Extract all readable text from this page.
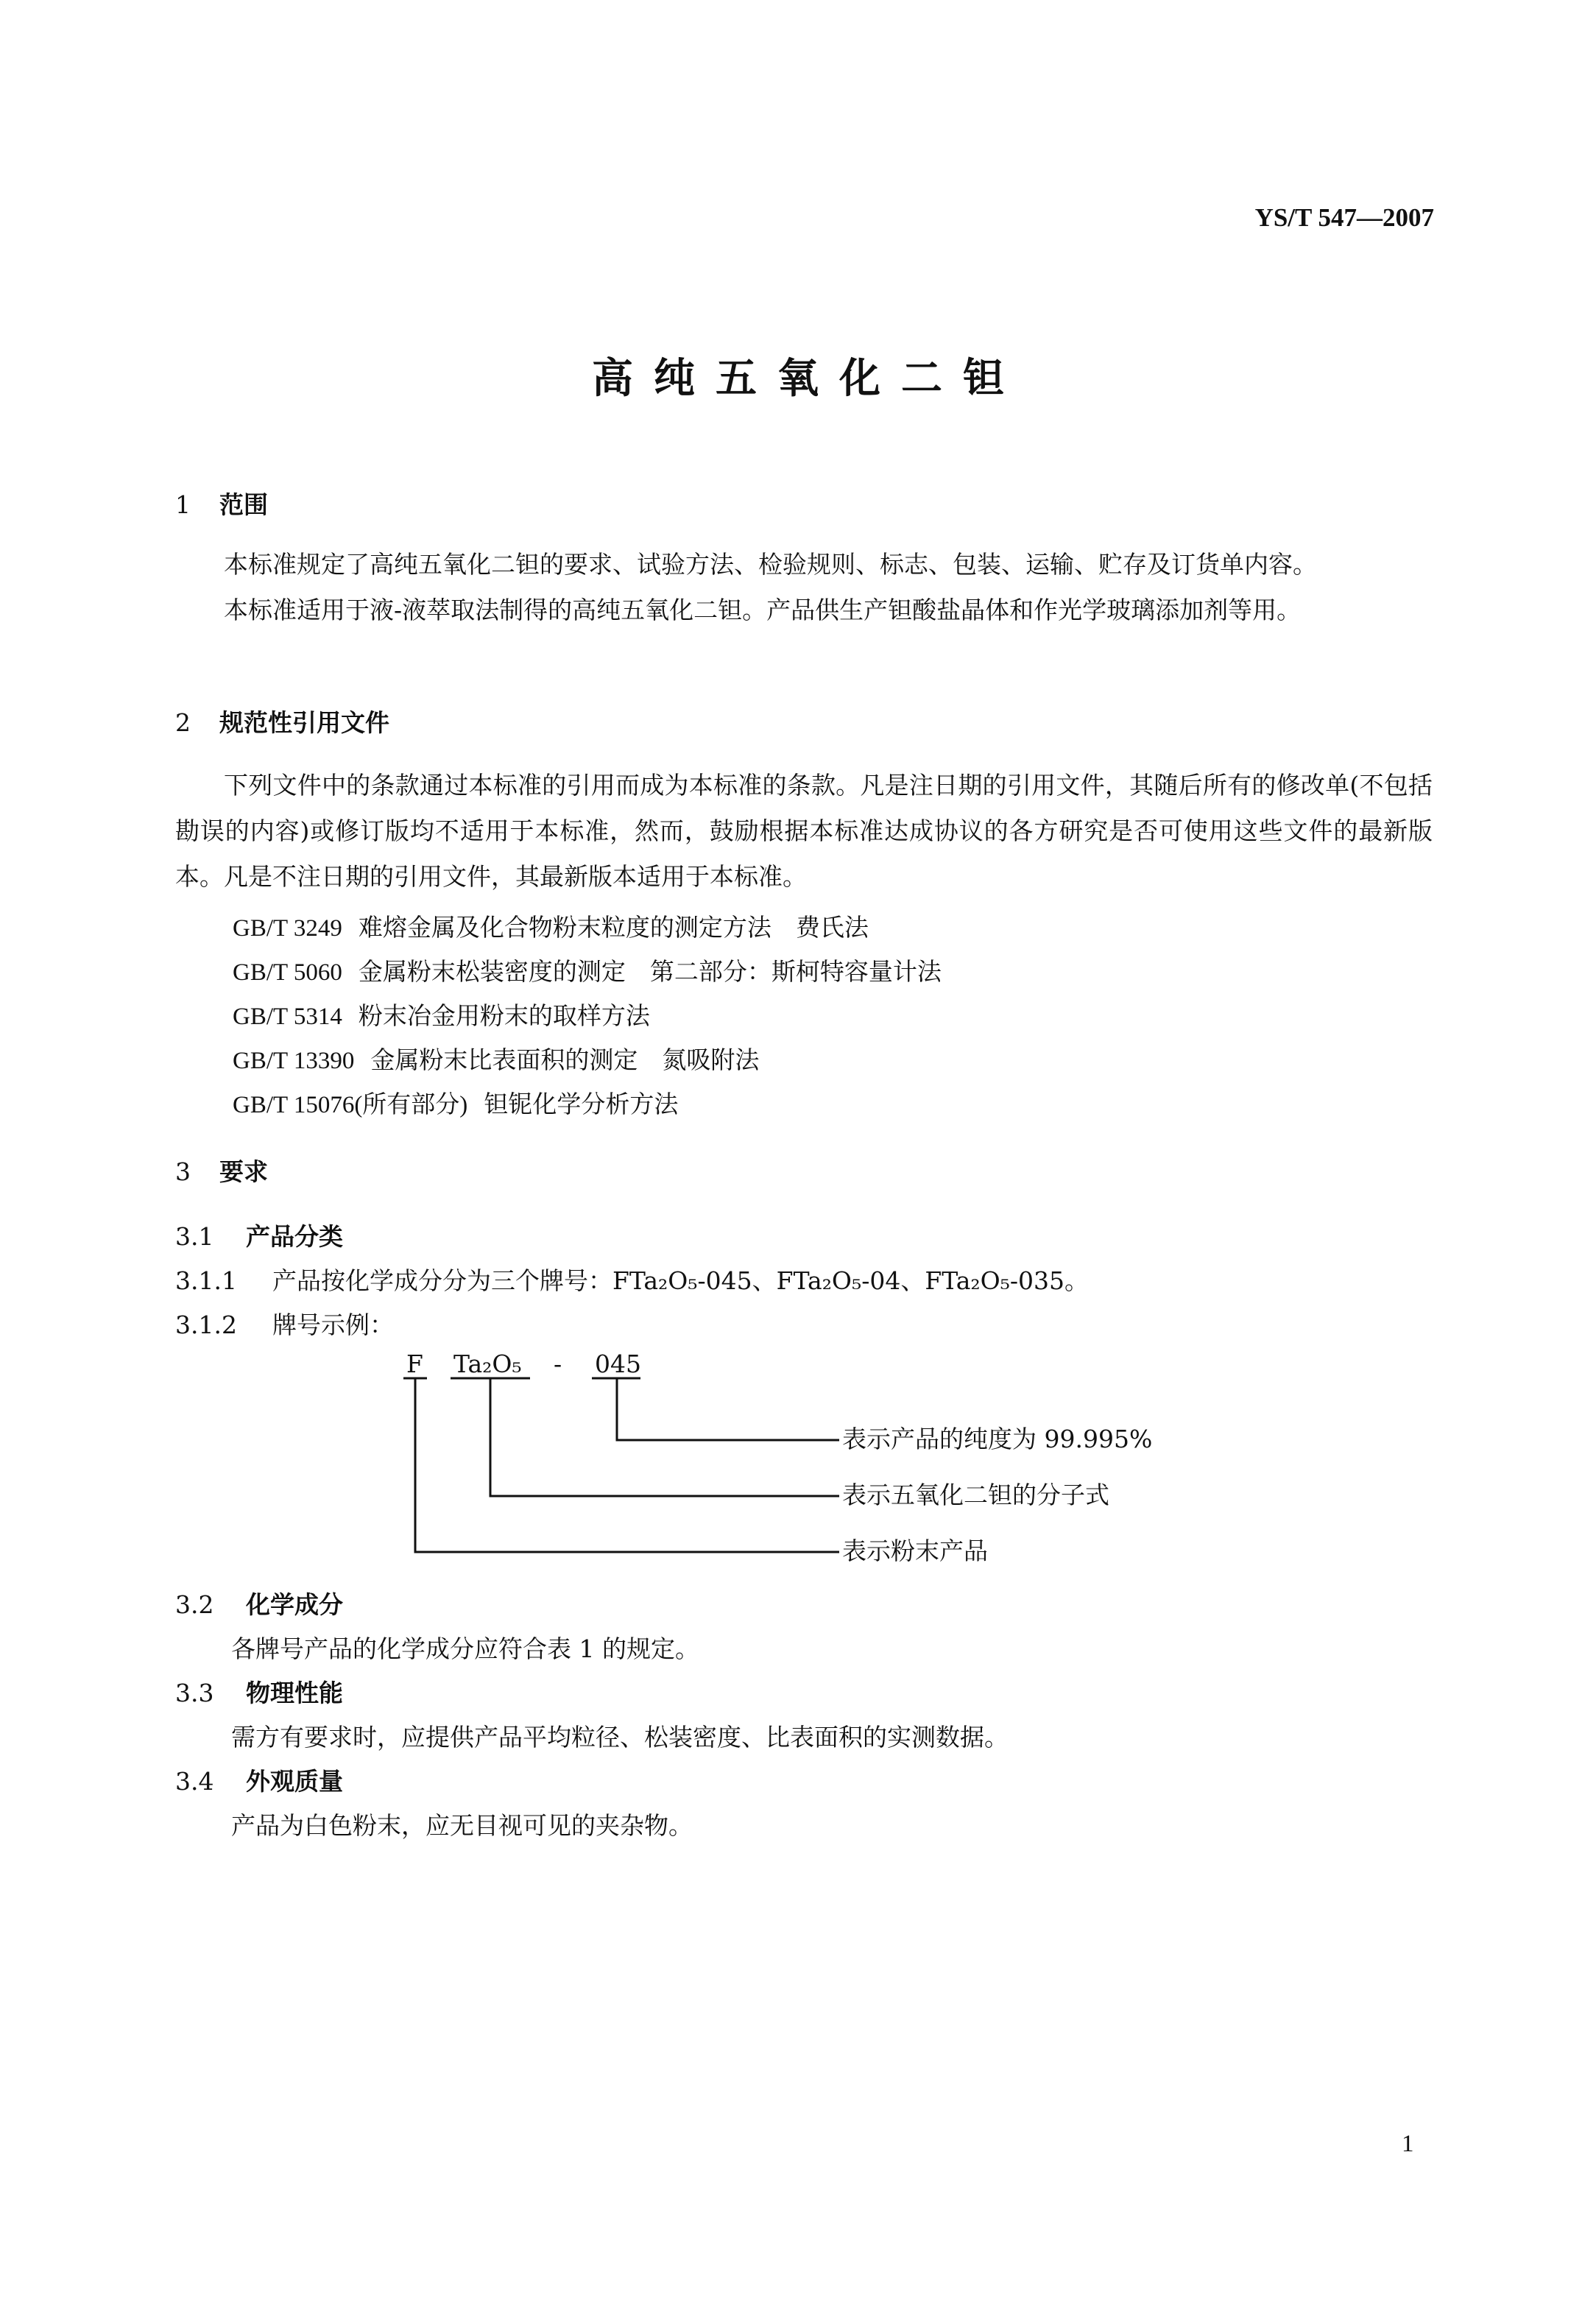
YS/T 547—2007
高纯五氧化二钽
1 范围

本标准规定了高纯五氧化二钽的要求、试验方法、检验规则、标志、包装、运输、贮存及订货单内容。

本标准适用于液-液萃取法制得的高纯五氧化二钽。产品供生产钽酸盐晶体和作光学玻璃添加剂等用。

2 规范性引用文件

下列文件中的条款通过本标准的引用而成为本标准的条款。凡是注日期的引用文件，其随后所有的修改单(不包括勘误的内容)或修订版均不适用于本标准，然而，鼓励根据本标准达成协议的各方研究是否可使用这些文件的最新版本。凡是不注日期的引用文件，其最新版本适用于本标准。

GB/T 3249 难熔金属及化合物粉末粒度的测定方法　费氏法
GB/T 5060 金属粉末松装密度的测定　第二部分：斯柯特容量计法
GB/T 5314 粉末冶金用粉末的取样方法
GB/T 13390 金属粉末比表面积的测定　氮吸附法
GB/T 15076(所有部分) 钽铌化学分析方法
3 要求
3.1 产品分类
3.1.1 产品按化学成分分为三个牌号：FTa₂O₅-045、FTa₂O₅-04、FTa₂O₅-035。
3.1.2 牌号示例：
F Ta₂O₅ - 045
表示产品的纯度为 99.995%
表示五氧化二钽的分子式
表示粉末产品
3.2 化学成分
各牌号产品的化学成分应符合表 1 的规定。
3.3 物理性能
需方有要求时，应提供产品平均粒径、松装密度、比表面积的实测数据。
3.4 外观质量
产品为白色粉末，应无目视可见的夹杂物。
1
